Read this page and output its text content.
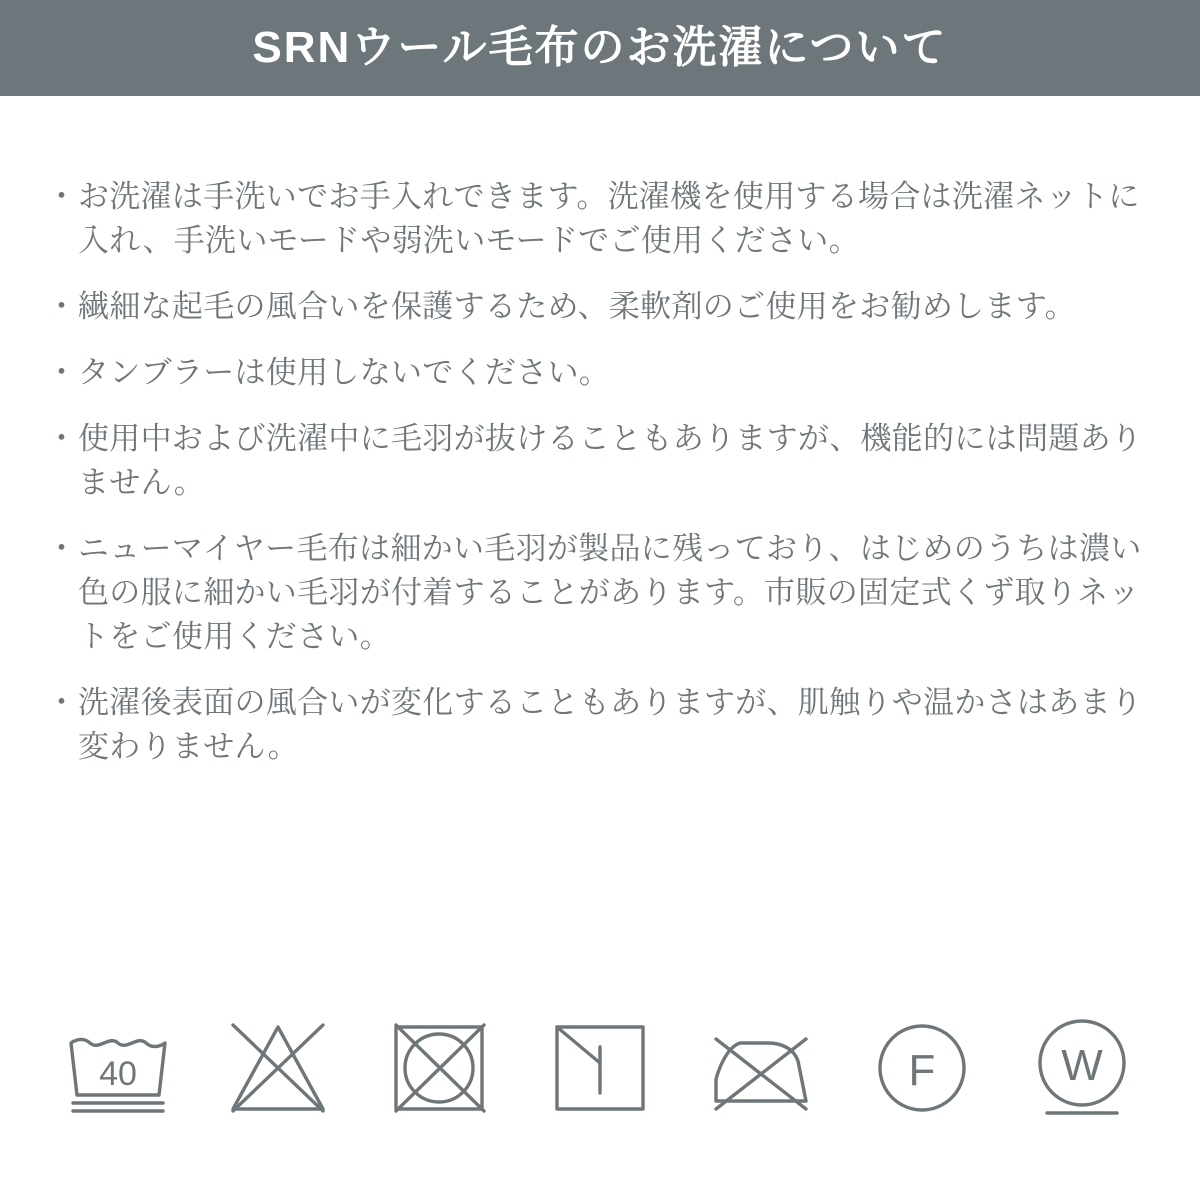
SRNウール毛布のお洗濯について
・ お洗濯は手洗いでお手入れできます。洗濯機を使用する場合は洗濯ネットに入れ、手洗いモードや弱洗いモードでご使用ください。
・ 繊細な起毛の風合いを保護するため、柔軟剤のご使用をお勧めします。
・ タンブラーは使用しないでください。
・ 使用中および洗濯中に毛羽が抜けることもありますが、機能的には問題ありません。
・ ニューマイヤー毛布は細かい毛羽が製品に残っており、はじめのうちは濃い色の服に細かい毛羽が付着することがあります。市販の固定式くず取りネットをご使用ください。
・ 洗濯後表面の風合いが変化することもありますが、肌触りや温かさはあまり変わりません。
40	F	W
